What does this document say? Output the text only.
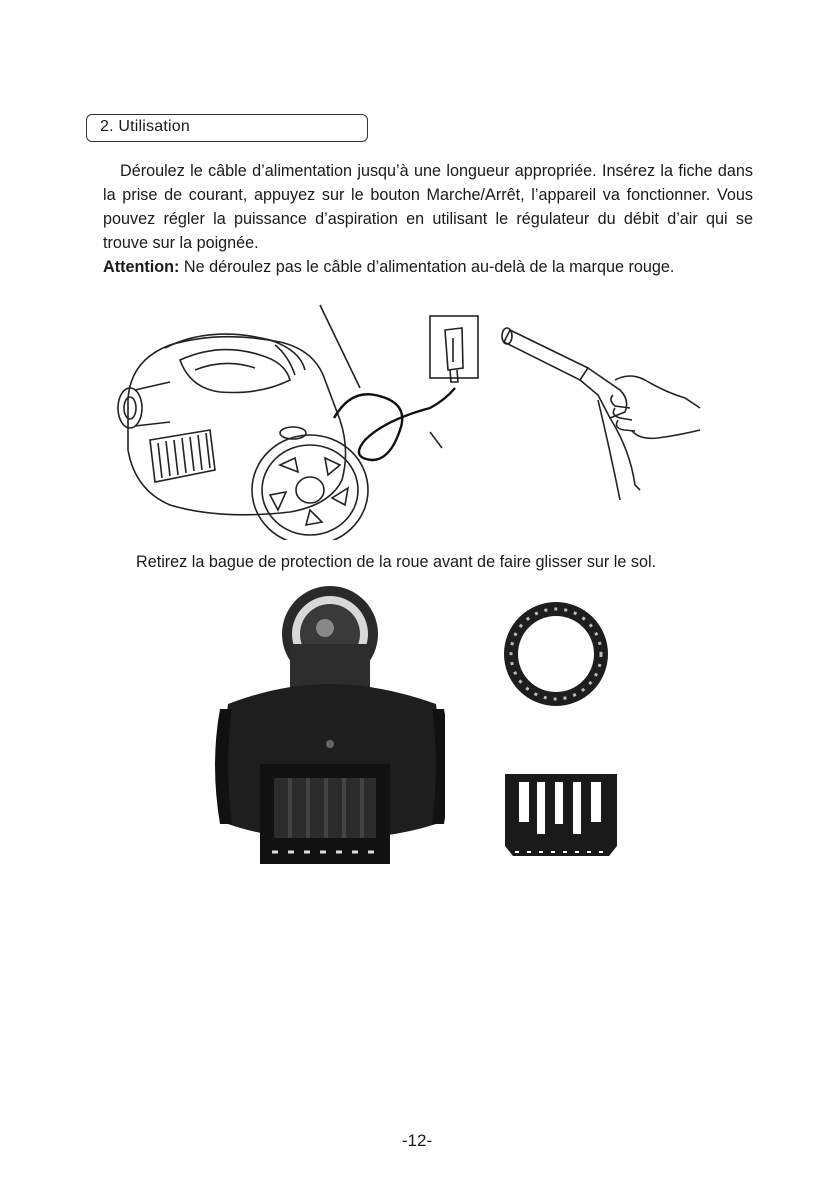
2. Utilisation
Déroulez le câble d’alimentation jusqu’à une longueur appropriée. Insérez la fiche dans la prise de courant, appuyez sur le bouton Marche/Arrêt, l’appareil va fonctionner. Vous pouvez régler la puissance d’aspiration en utilisant le régulateur du débit d’air qui se trouve sur la poignée.
Attention: Ne déroulez pas le câble d’alimentation au-delà de la marque rouge.
Retirez la bague de protection de la roue avant de faire glisser sur le sol.
-12-
